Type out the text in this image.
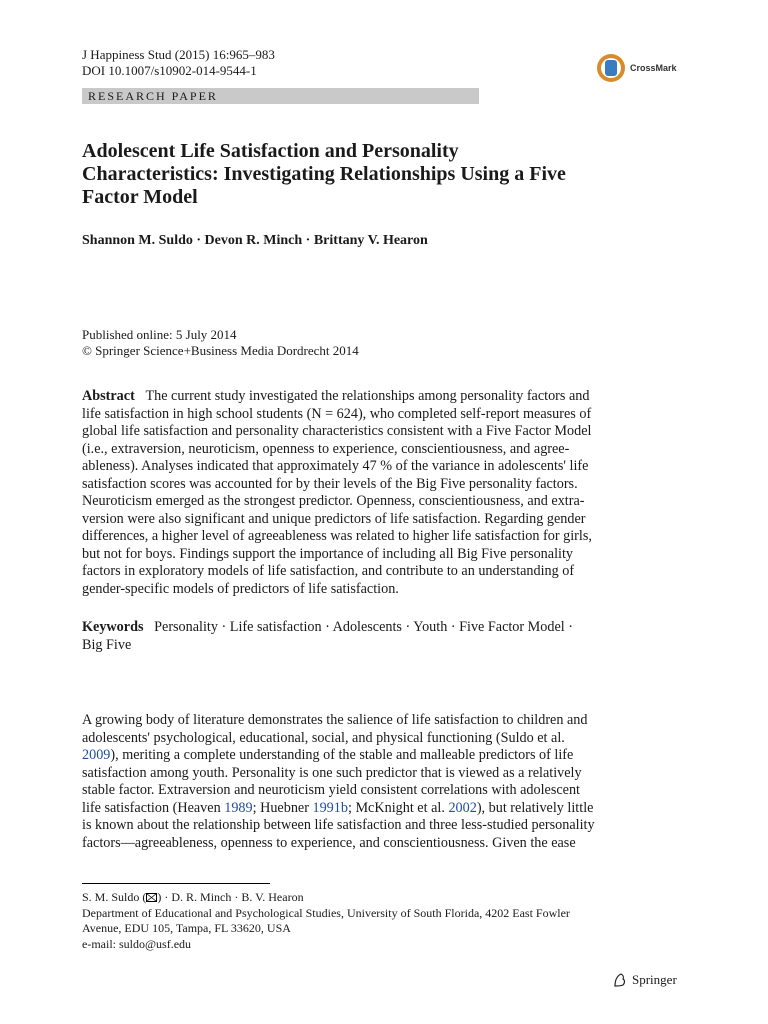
J Happiness Stud (2015) 16:965–983
DOI 10.1007/s10902-014-9544-1	CrossMark
RESEARCH PAPER
Adolescent Life Satisfaction and Personality
Characteristics: Investigating Relationships Using a Five
Factor Model
Shannon M. Suldo · Devon R. Minch · Brittany V. Hearon
Published online: 5 July 2014
© Springer Science+Business Media Dordrecht 2014
Abstract The current study investigated the relationships among personality factors and
life satisfaction in high school students (N = 624), who completed self-report measures of
global life satisfaction and personality characteristics consistent with a Five Factor Model
(i.e., extraversion, neuroticism, openness to experience, conscientiousness, and agree-
ableness). Analyses indicated that approximately 47 % of the variance in adolescents' life
satisfaction scores was accounted for by their levels of the Big Five personality factors.
Neuroticism emerged as the strongest predictor. Openness, conscientiousness, and extra-
version were also significant and unique predictors of life satisfaction. Regarding gender
differences, a higher level of agreeableness was related to higher life satisfaction for girls,
but not for boys. Findings support the importance of including all Big Five personality
factors in exploratory models of life satisfaction, and contribute to an understanding of
gender-specific models of predictors of life satisfaction.
Keywords Personality · Life satisfaction · Adolescents · Youth · Five Factor Model ·
Big Five
A growing body of literature demonstrates the salience of life satisfaction to children and
adolescents' psychological, educational, social, and physical functioning (Suldo et al.
2009), meriting a complete understanding of the stable and malleable predictors of life
satisfaction among youth. Personality is one such predictor that is viewed as a relatively
stable factor. Extraversion and neuroticism yield consistent correlations with adolescent
life satisfaction (Heaven 1989; Huebner 1991b; McKnight et al. 2002), but relatively little
is known about the relationship between life satisfaction and three less-studied personality
factors—agreeableness, openness to experience, and conscientiousness. Given the ease
S. M. Suldo ( ) · D. R. Minch · B. V. Hearon
Department of Educational and Psychological Studies, University of South Florida, 4202 East Fowler
Avenue, EDU 105, Tampa, FL 33620, USA
e-mail: suldo@usf.edu
Springer
